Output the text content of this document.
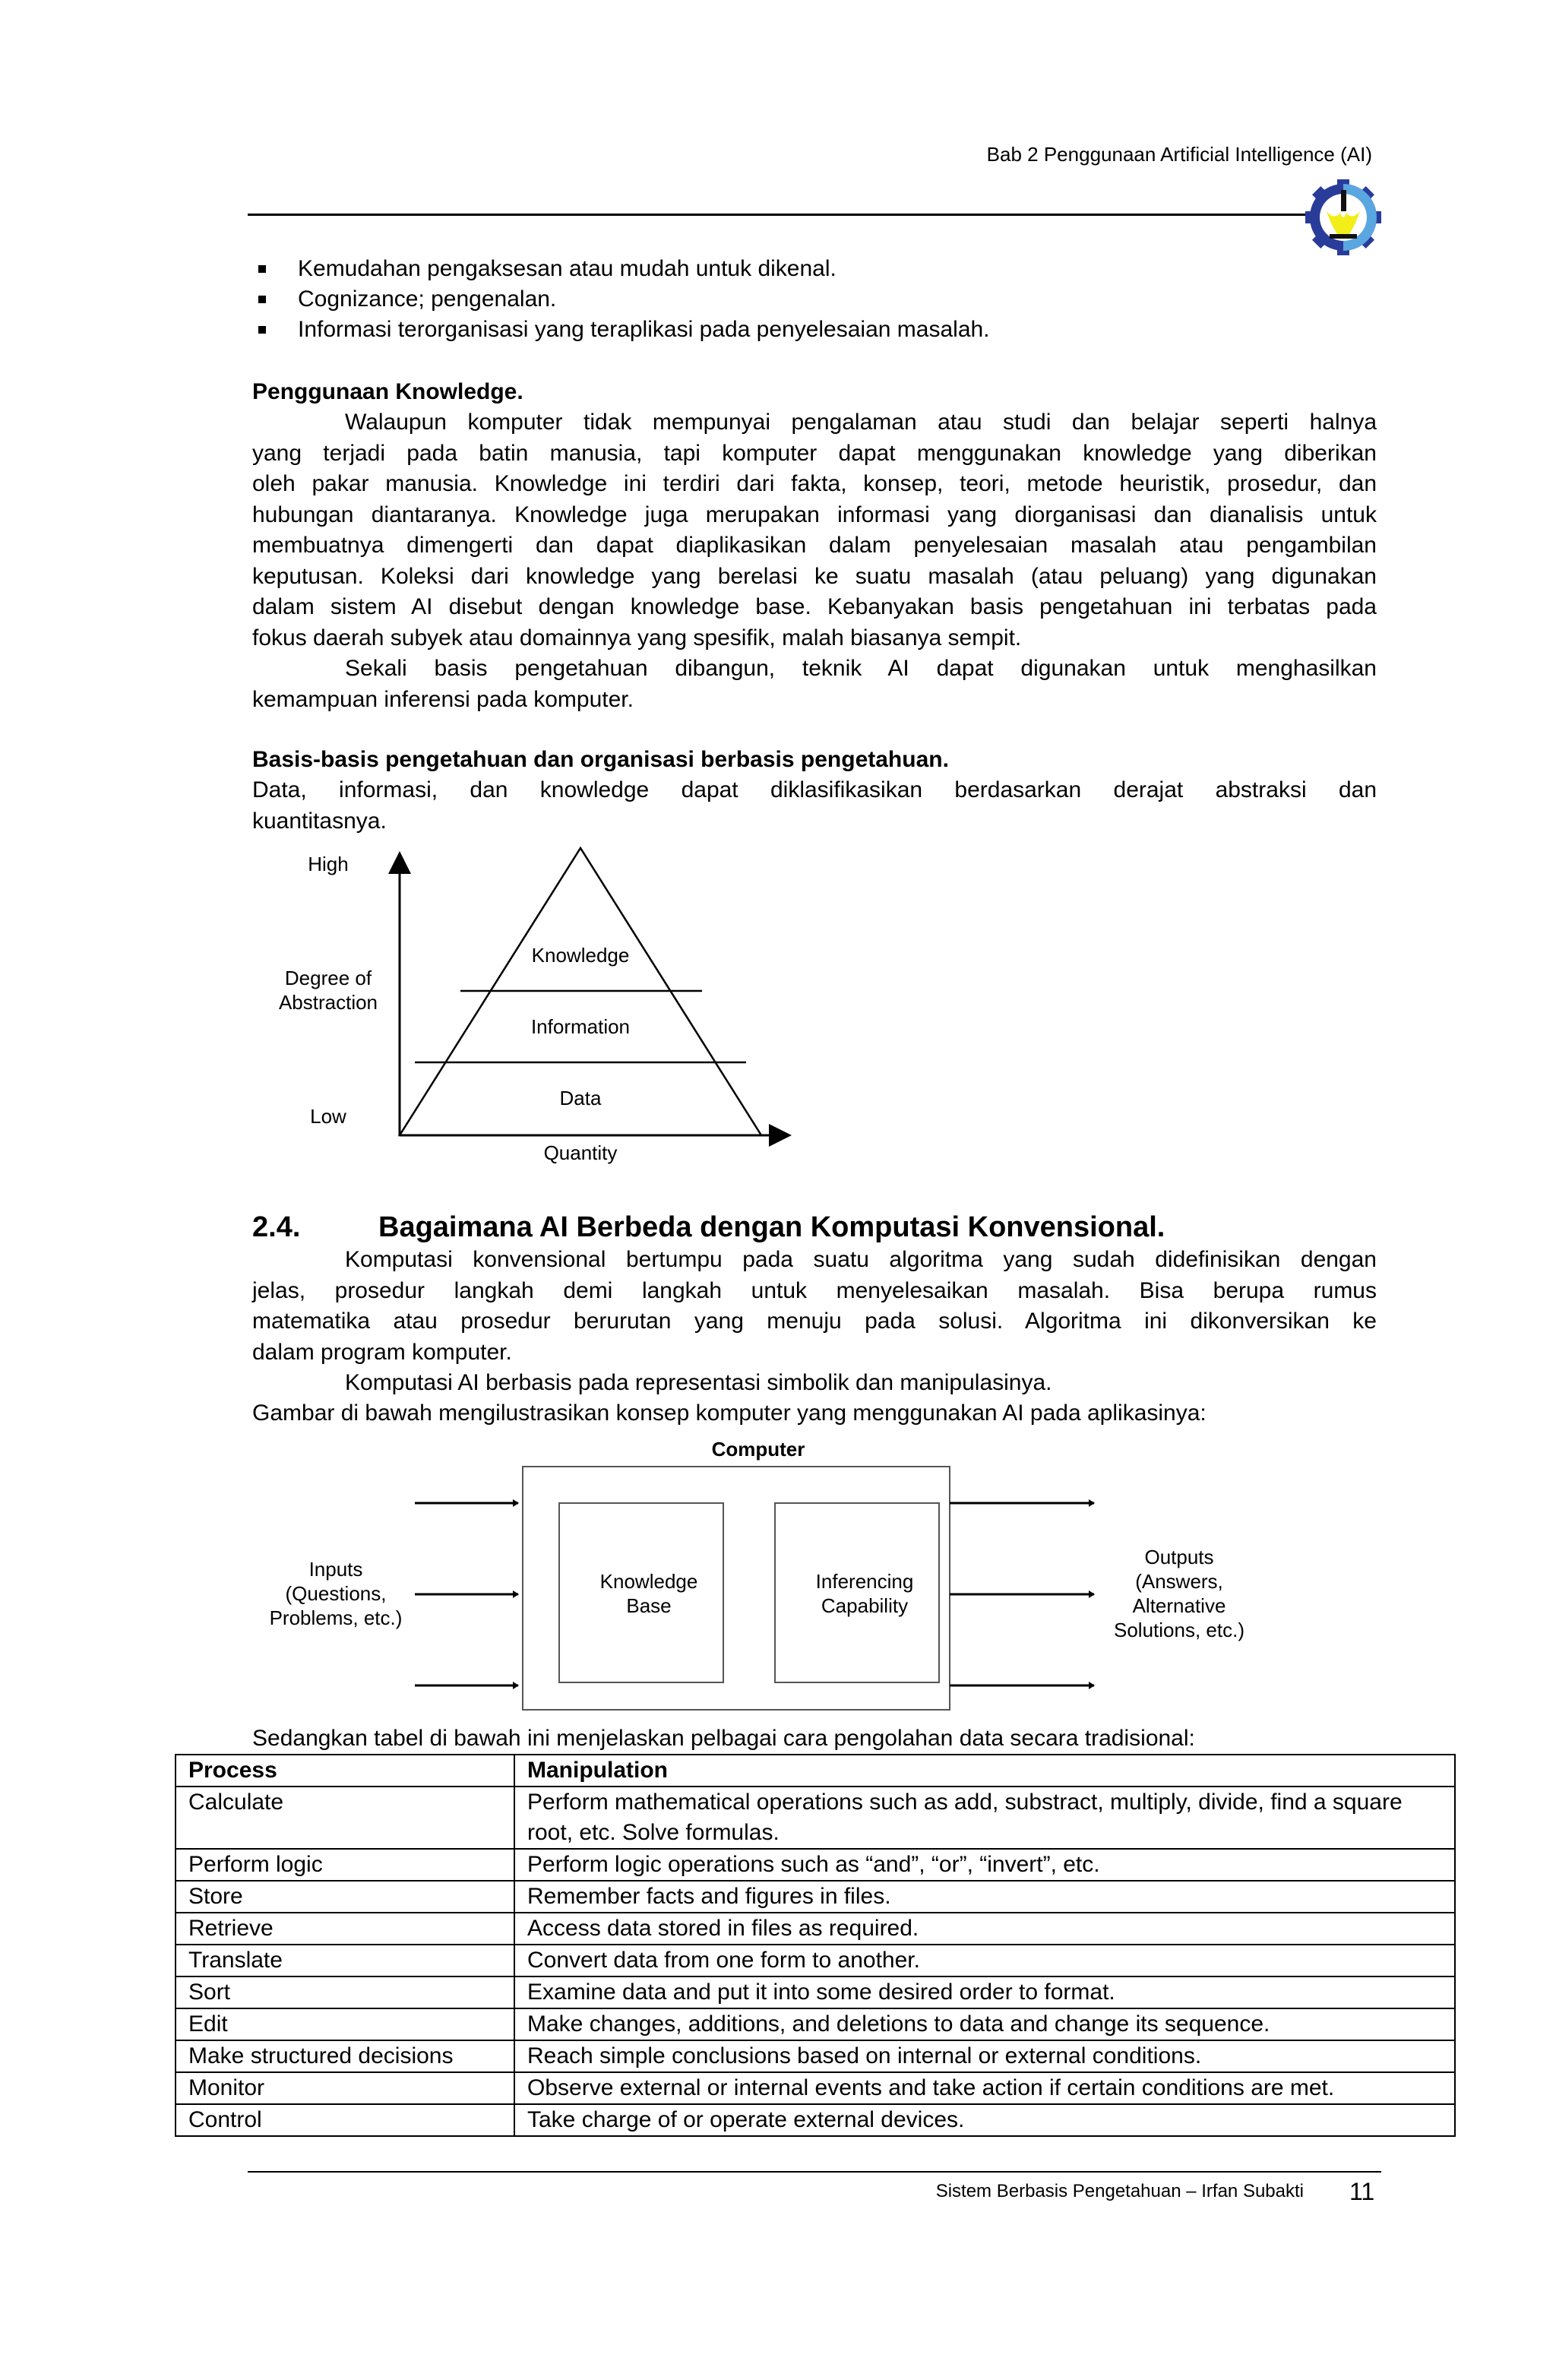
Bab 2 Penggunaan Artificial Intelligence (AI)
Kemudahan pengaksesan atau mudah untuk dikenal.
Cognizance; pengenalan.
Informasi terorganisasi yang teraplikasi pada penyelesaian masalah.
Penggunaan Knowledge.
Walaupun komputer tidak mempunyai pengalaman atau studi dan belajar seperti halnya
yang terjadi pada batin manusia, tapi komputer dapat menggunakan knowledge yang diberikan
oleh pakar manusia. Knowledge ini terdiri dari fakta, konsep, teori, metode heuristik, prosedur, dan
hubungan diantaranya. Knowledge juga merupakan informasi yang diorganisasi dan dianalisis untuk
membuatnya dimengerti dan dapat diaplikasikan dalam penyelesaian masalah atau pengambilan
keputusan. Koleksi dari knowledge yang berelasi ke suatu masalah (atau peluang) yang digunakan
dalam sistem AI disebut dengan knowledge base. Kebanyakan basis pengetahuan ini terbatas pada
fokus daerah subyek atau domainnya yang spesifik, malah biasanya sempit.
Sekali basis pengetahuan dibangun, teknik AI dapat digunakan untuk menghasilkan
kemampuan inferensi pada komputer.
Basis-basis pengetahuan dan organisasi berbasis pengetahuan.
Data, informasi, dan knowledge dapat diklasifikasikan berdasarkan derajat abstraksi dan
kuantitasnya.
High
Degree of
Abstraction
Low
Knowledge
Information
Data
Quantity
2.4.	Bagaimana AI Berbeda dengan Komputasi Konvensional.
Komputasi konvensional bertumpu pada suatu algoritma yang sudah didefinisikan dengan
jelas, prosedur langkah demi langkah untuk menyelesaikan masalah. Bisa berupa rumus
matematika atau prosedur berurutan yang menuju pada solusi. Algoritma ini dikonversikan ke
dalam program komputer.
Komputasi AI berbasis pada representasi simbolik dan manipulasinya.
Gambar di bawah mengilustrasikan konsep komputer yang menggunakan AI pada aplikasinya:
Computer
Inputs
(Questions,
Problems, etc.)
Knowledge
Base
Inferencing
Capability
Outputs
(Answers,
Alternative
Solutions, etc.)
Sedangkan tabel di bawah ini menjelaskan pelbagai cara pengolahan data secara tradisional:
Process	Manipulation
Calculate	Perform mathematical operations such as add, substract, multiply, divide, find a square root, etc. Solve formulas.
Perform logic	Perform logic operations such as “and”, “or”, “invert”, etc.
Store	Remember facts and figures in files.
Retrieve	Access data stored in files as required.
Translate	Convert data from one form to another.
Sort	Examine data and put it into some desired order to format.
Edit	Make changes, additions, and deletions to data and change its sequence.
Make structured decisions	Reach simple conclusions based on internal or external conditions.
Monitor	Observe external or internal events and take action if certain conditions are met.
Control	Take charge of or operate external devices.
Sistem Berbasis Pengetahuan – Irfan Subakti 11
